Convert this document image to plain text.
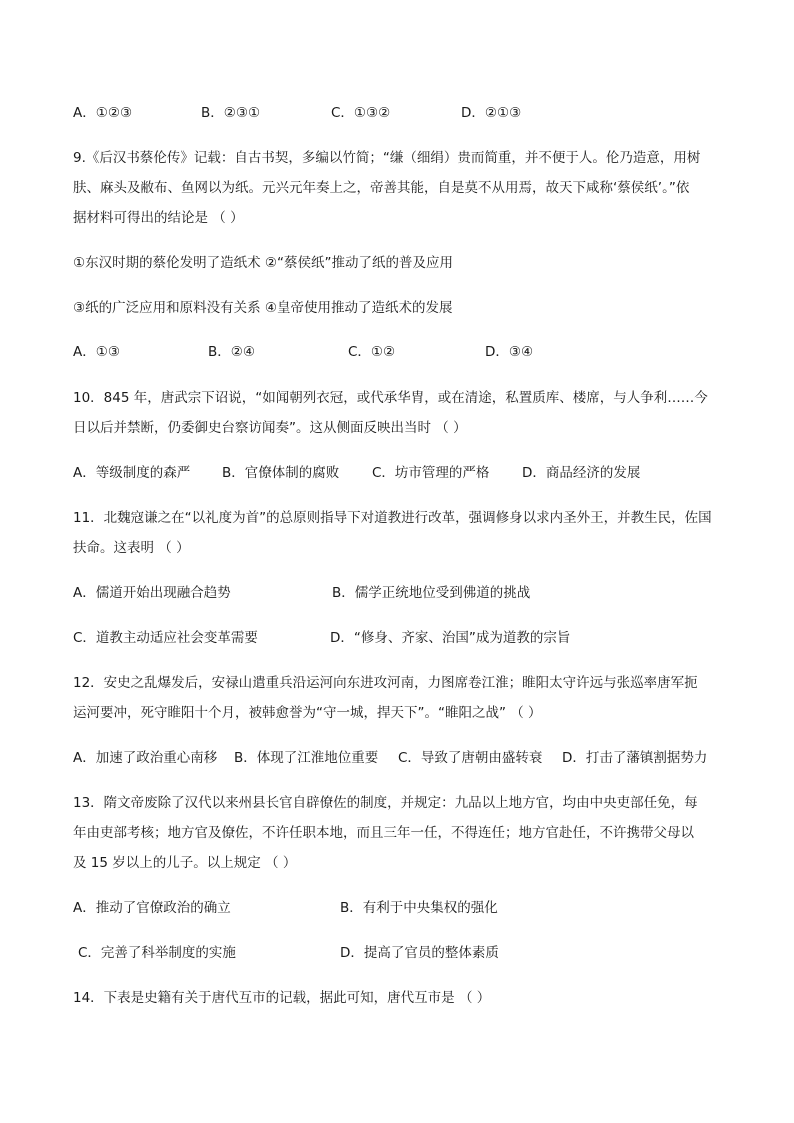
A．①②③	B．②③①	C．①③②	D．②①③
9.《后汉书蔡伦传》记载：自古书契，多编以竹简；“缣（细绢）贵而简重，并不便于人。伦乃造意，用树
肤、麻头及敝布、鱼网以为纸。元兴元年奏上之，帝善其能，自是莫不从用焉，故天下咸称‘蔡侯纸’。”依
据材料可得出的结论是 （ ）
①东汉时期的蔡伦发明了造纸术 ②“蔡侯纸”推动了纸的普及应用
③纸的广泛应用和原料没有关系 ④皇帝使用推动了造纸术的发展
A．①③	B．②④	C．①②	D．③④
10．845 年，唐武宗下诏说，“如闻朝列衣冠，或代承华胄，或在清途，私置质库、楼席，与人争利……今
日以后并禁断，仍委御史台察访闻奏”。这从侧面反映出当时 （ ）
A．等级制度的森严 B．官僚体制的腐败 C．坊市管理的严格 D．商品经济的发展
11．北魏寇谦之在“以礼度为首”的总原则指导下对道教进行改革，强调修身以求内圣外王，并教生民，佐国
扶命。这表明 （ ）
A．儒道开始出现融合趋势	B．儒学正统地位受到佛道的挑战
C．道教主动适应社会变革需要	D．“修身、齐家、治国”成为道教的宗旨
12．安史之乱爆发后，安禄山遣重兵沿运河向东进攻河南，力图席卷江淮；睢阳太守许远与张巡率唐军扼
运河要冲，死守睢阳十个月，被韩愈誉为“守一城，捍天下”。“睢阳之战” （ ）
A．加速了政治重心南移 B．体现了江淮地位重要 C．导致了唐朝由盛转衰 D．打击了藩镇割据势力
13．隋文帝废除了汉代以来州县长官自辟僚佐的制度，并规定：九品以上地方官，均由中央吏部任免，每
年由吏部考核；地方官及僚佐，不许任职本地，而且三年一任，不得连任；地方官赴任，不许携带父母以
及 15 岁以上的儿子。以上规定 （ ）
A．推动了官僚政治的确立	B．有利于中央集权的强化
C．完善了科举制度的实施	D．提高了官员的整体素质
14．下表是史籍有关于唐代互市的记载，据此可知，唐代互市是 （ ）
